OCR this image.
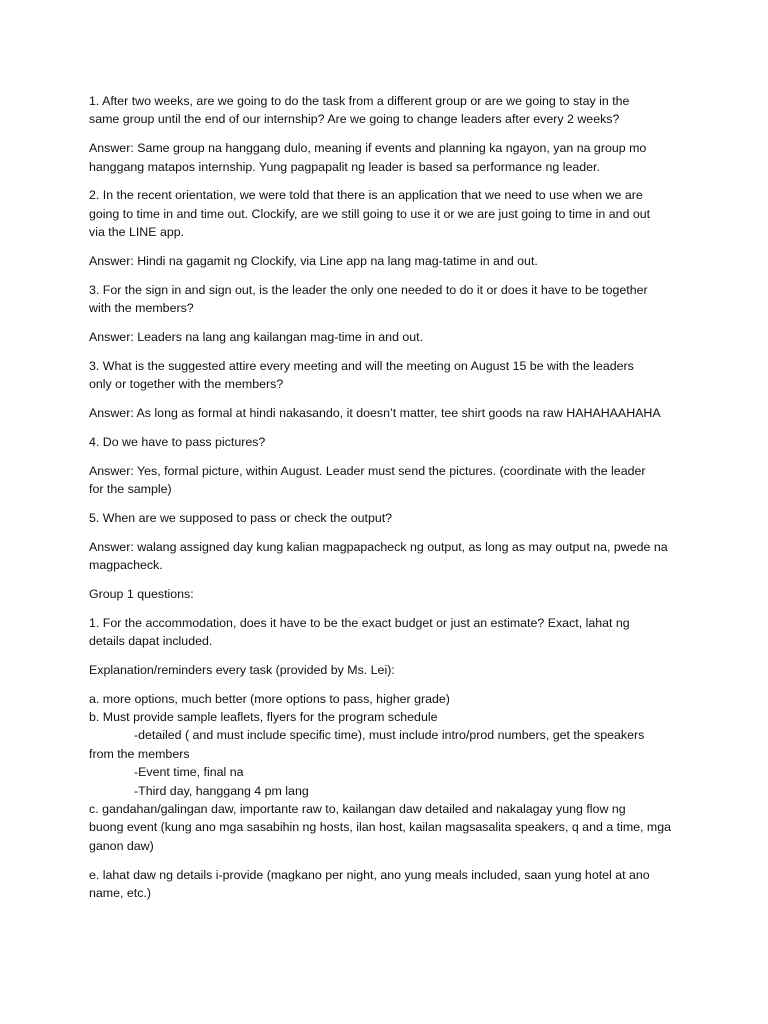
1. After two weeks, are we going to do the task from a different group or are we going to stay in the
same group until the end of our internship? Are we going to change leaders after every 2 weeks?
Answer: Same group na hanggang dulo, meaning if events and planning ka ngayon, yan na group mo
hanggang matapos internship. Yung pagpapalit ng leader is based sa performance ng leader.
2. In the recent orientation, we were told that there is an application that we need to use when we are
going to time in and time out. Clockify, are we still going to use it or we are just going to time in and out
via the LINE app.
Answer: Hindi na gagamit ng Clockify, via Line app na lang mag-tatime in and out.
3. For the sign in and sign out, is the leader the only one needed to do it or does it have to be together
with the members?
Answer: Leaders na lang ang kailangan mag-time in and out.
3. What is the suggested attire every meeting and will the meeting on August 15 be with the leaders
only or together with the members?
Answer: As long as formal at hindi nakasando, it doesn’t matter, tee shirt goods na raw HAHAHAAHAHA
4. Do we have to pass pictures?
Answer: Yes, formal picture, within August. Leader must send the pictures. (coordinate with the leader
for the sample)
5. When are we supposed to pass or check the output?
Answer: walang assigned day kung kalian magpapacheck ng output, as long as may output na, pwede na
magpacheck.
Group 1 questions:
1. For the accommodation, does it have to be the exact budget or just an estimate? Exact, lahat ng
details dapat included.
Explanation/reminders every task (provided by Ms. Lei):
a. more options, much better (more options to pass, higher grade)
b. Must provide sample leaflets, flyers for the program schedule
-detailed ( and must include specific time), must include intro/prod numbers, get the speakers
from the members
-Event time, final na
-Third day, hanggang 4 pm lang
c. gandahan/galingan daw, importante raw to, kailangan daw detailed and nakalagay yung flow ng
buong event (kung ano mga sasabihin ng hosts, ilan host, kailan magsasalita speakers, q and a time, mga
ganon daw)
e. lahat daw ng details i-provide (magkano per night, ano yung meals included, saan yung hotel at ano
name, etc.)
